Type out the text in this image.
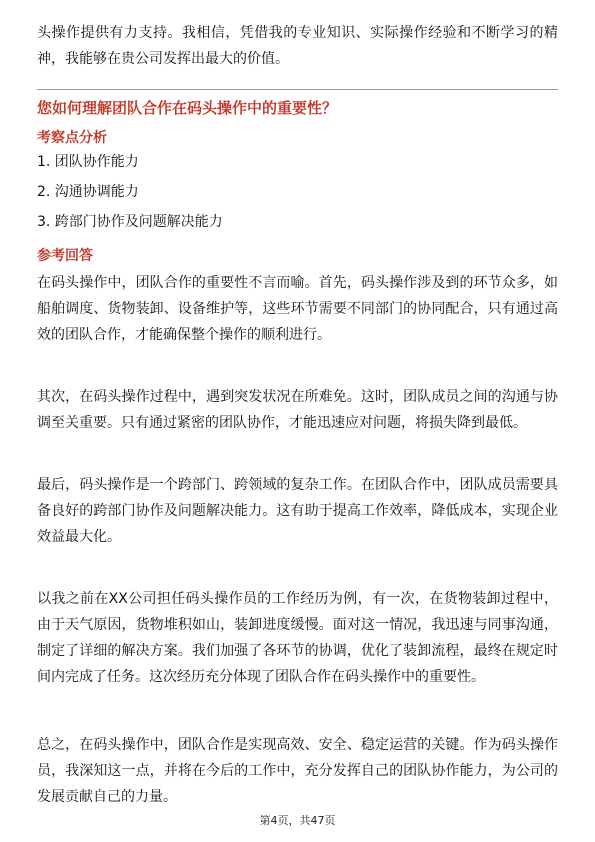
头操作提供有力支持。我相信，凭借我的专业知识、实际操作经验和不断学习的精神，我能够在贵公司发挥出最大的价值。

您如何理解团队合作在码头操作中的重要性？

考察点分析

1. 团队协作能力

2. 沟通协调能力

3. 跨部门协作及问题解决能力

参考回答

在码头操作中，团队合作的重要性不言而喻。首先，码头操作涉及到的环节众多，如船舶调度、货物装卸、设备维护等，这些环节需要不同部门的协同配合，只有通过高效的团队合作，才能确保整个操作的顺利进行。

其次，在码头操作过程中，遇到突发状况在所难免。这时，团队成员之间的沟通与协调至关重要。只有通过紧密的团队协作，才能迅速应对问题，将损失降到最低。

最后，码头操作是一个跨部门、跨领域的复杂工作。在团队合作中，团队成员需要具备良好的跨部门协作及问题解决能力。这有助于提高工作效率，降低成本，实现企业效益最大化。

以我之前在XX公司担任码头操作员的工作经历为例，有一次，在货物装卸过程中，由于天气原因，货物堆积如山，装卸进度缓慢。面对这一情况，我迅速与同事沟通，制定了详细的解决方案。我们加强了各环节的协调，优化了装卸流程，最终在规定时间内完成了任务。这次经历充分体现了团队合作在码头操作中的重要性。

总之，在码头操作中，团队合作是实现高效、安全、稳定运营的关键。作为码头操作员，我深知这一点，并将在今后的工作中，充分发挥自己的团队协作能力，为公司的发展贡献自己的力量。

第4页，共47页
